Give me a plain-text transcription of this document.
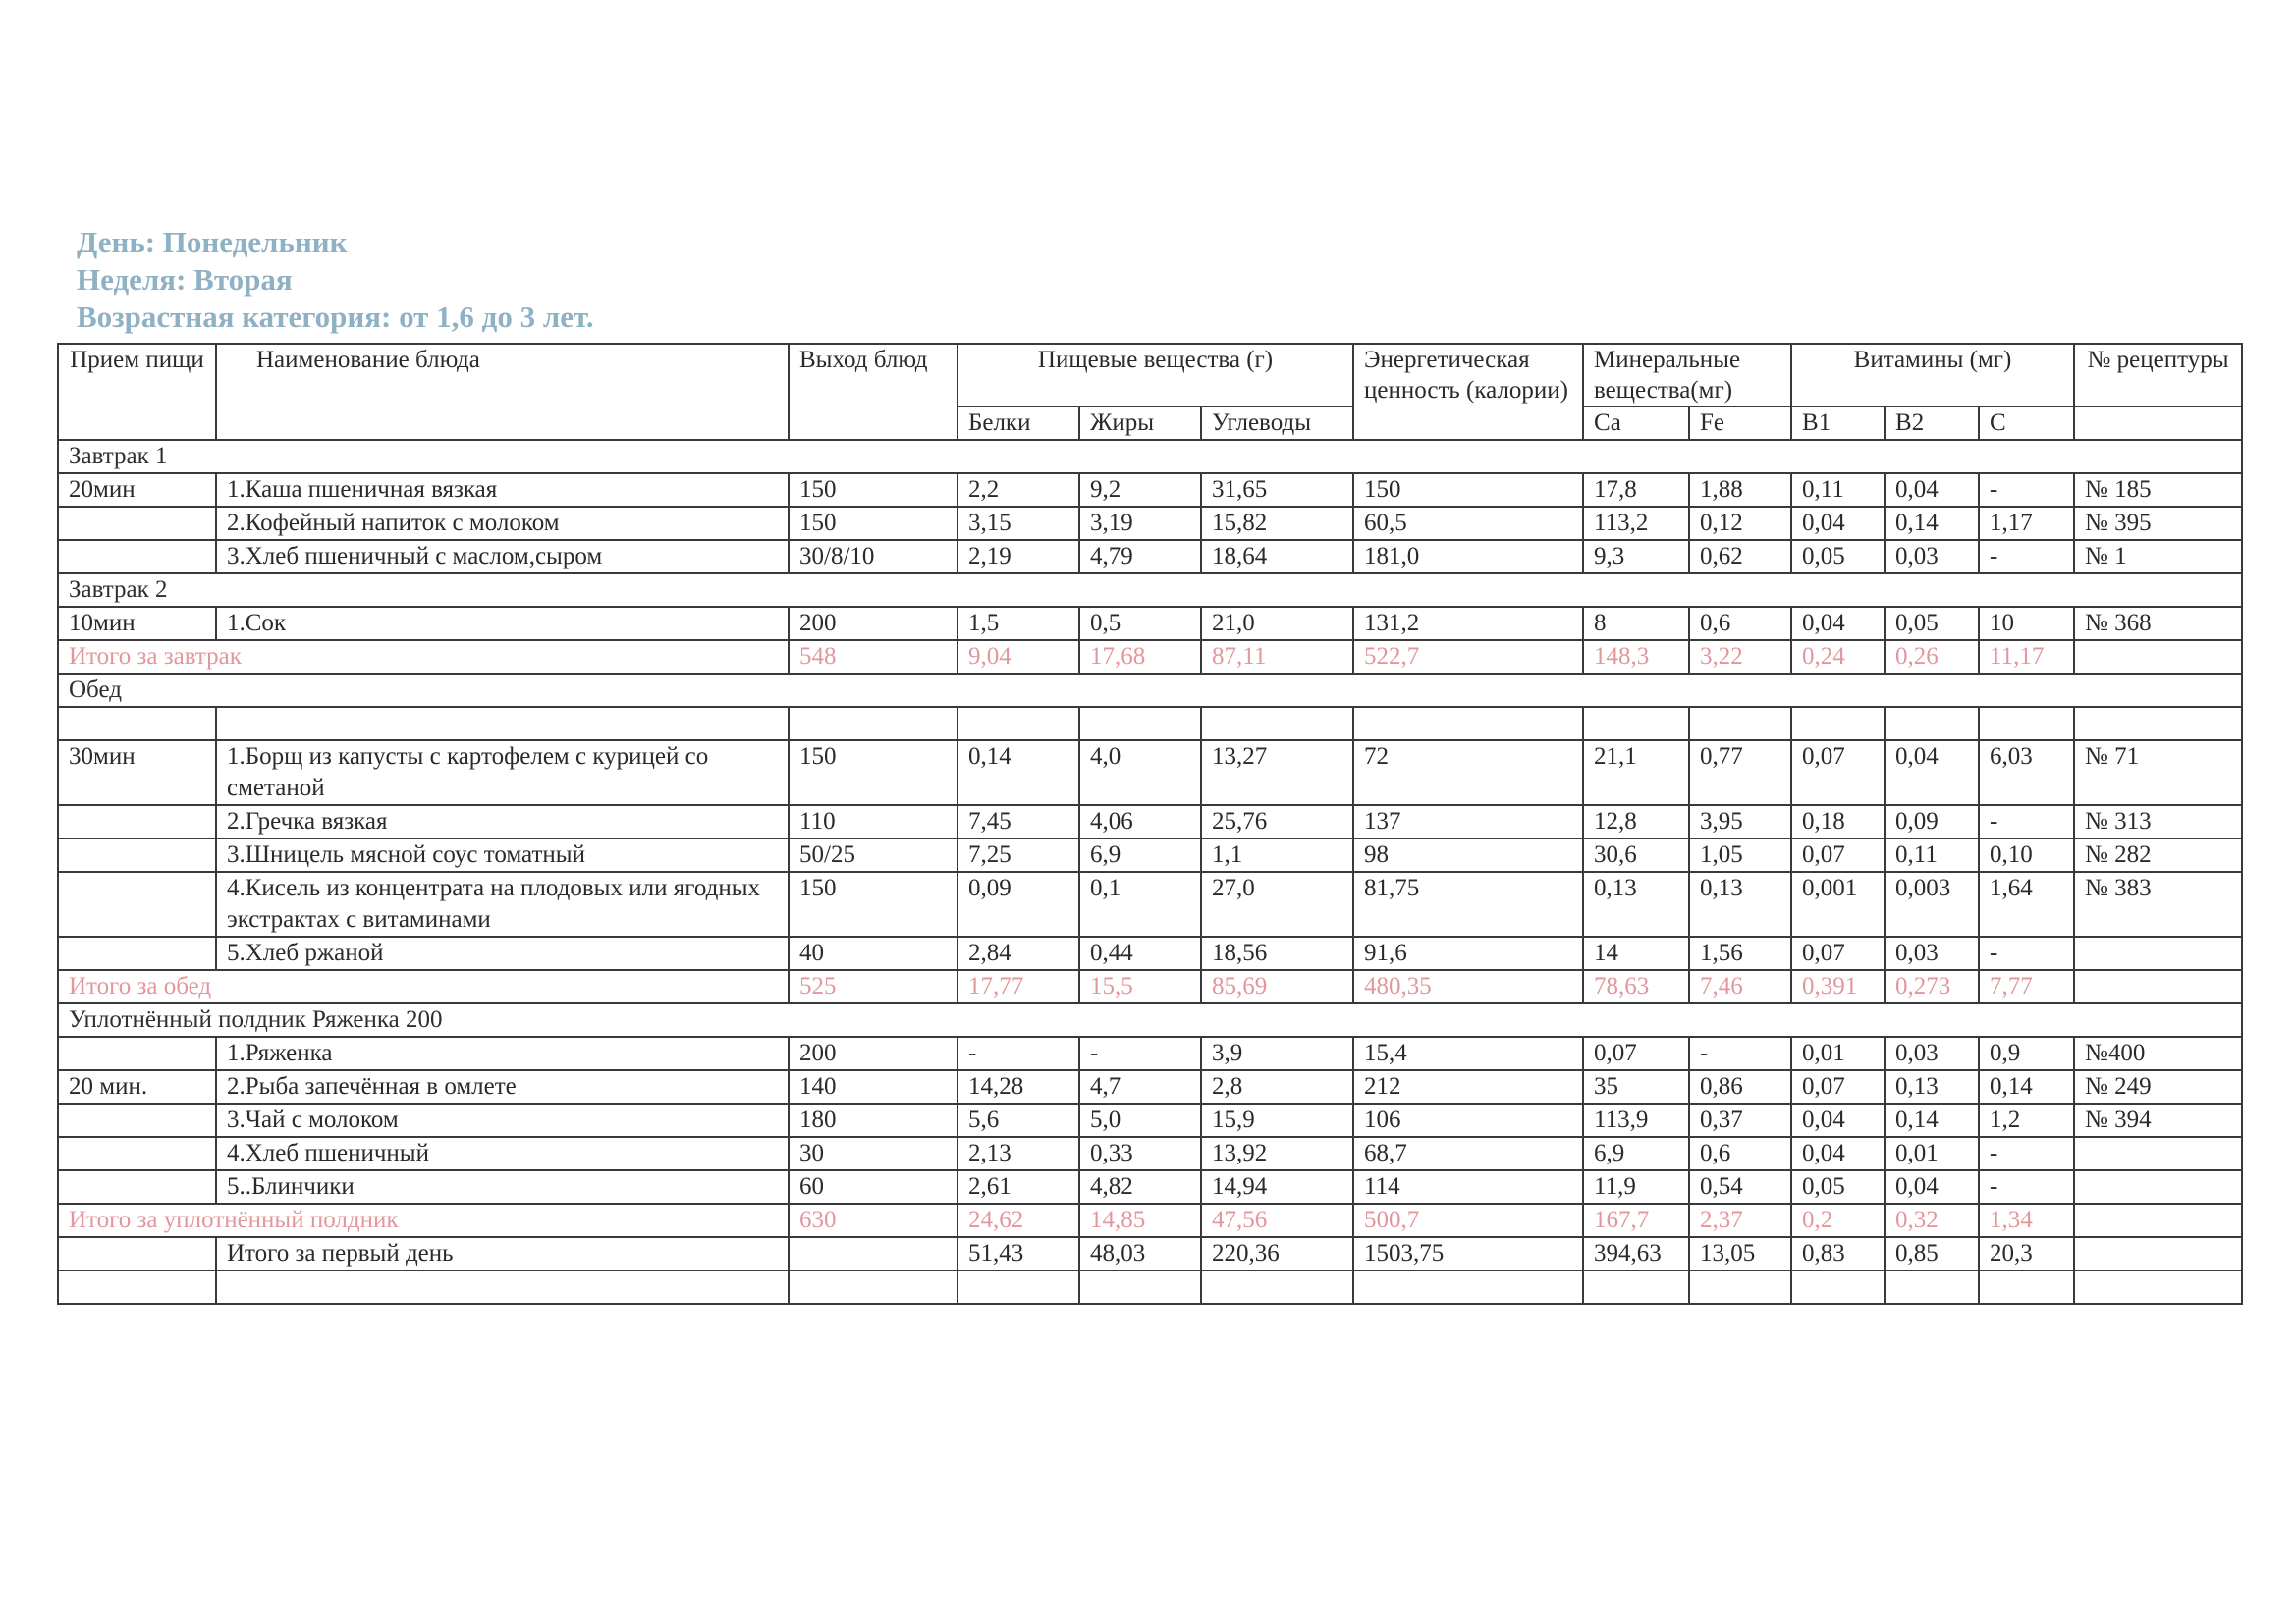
День: Понедельник
Неделя: Вторая
Возрастная категория: от 1,6 до 3 лет.
Прием пищи	Наименование блюда	Выход блюд	Пищевые вещества (г)			Энергетическая ценность (калории)	Минеральные вещества(мг)		Витамины (мг)			№ рецептуры

			Белки	Жиры	Углеводы		Ca	Fe	B1	B2	C	
Завтрак 1												
20мин	1.Каша пшеничная вязкая	150	2,2	9,2	31,65	150	17,8	1,88	0,11	0,04	-	№ 185
	2.Кофейный напиток с молоком	150	3,15	3,19	15,82	60,5	113,2	0,12	0,04	0,14	1,17	№ 395
	3.Хлеб пшеничный с маслом,сыром	30/8/10	2,19	4,79	18,64	181,0	9,3	0,62	0,05	0,03	-	№ 1
Завтрак 2												
10мин	1.Сок	200	1,5	0,5	21,0	131,2	8	0,6	0,04	0,05	10	№ 368
Итого за завтрак		548	9,04	17,68	87,11	522,7	148,3	3,22	0,24	0,26	11,17	
Обед												

30мин	1.Борщ из капусты с картофелем с курицей со сметаной	150	0,14	4,0	13,27	72	21,1	0,77	0,07	0,04	6,03	№ 71
	2.Гречка вязкая	110	7,45	4,06	25,76	137	12,8	3,95	0,18	0,09	-	№ 313
	3.Шницель мясной соус томатный	50/25	7,25	6,9	1,1	98	30,6	1,05	0,07	0,11	0,10	№ 282
	4.Кисель из концентрата на плодовых или ягодных экстрактах с витаминами	150	0,09	0,1	27,0	81,75	0,13	0,13	0,001	0,003	1,64	№ 383
	5.Хлеб ржаной	40	2,84	0,44	18,56	91,6	14	1,56	0,07	0,03	-	
Итого за обед		525	17,77	15,5	85,69	480,35	78,63	7,46	0,391	0,273	7,77	
Уплотнённый полдник Ряженка 200												
	1.Ряженка	200	-	-	3,9	15,4	0,07	-	0,01	0,03	0,9	№400
20 мин.	2.Рыба запечённая в омлете	140	14,28	4,7	2,8	212	35	0,86	0,07	0,13	0,14	№ 249
	3.Чай с молоком	180	5,6	5,0	15,9	106	113,9	0,37	0,04	0,14	1,2	№ 394
	4.Хлеб пшеничный	30	2,13	0,33	13,92	68,7	6,9	0,6	0,04	0,01	-	
	5..Блинчики	60	2,61	4,82	14,94	114	11,9	0,54	0,05	0,04	-	
Итого за уплотнённый полдник		630	24,62	14,85	47,56	500,7	167,7	2,37	0,2	0,32	1,34	
	Итого за первый день		51,43	48,03	220,36	1503,75	394,63	13,05	0,83	0,85	20,3	
